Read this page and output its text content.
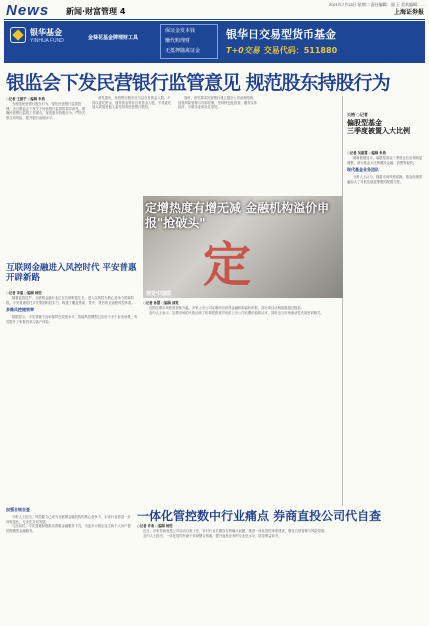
News 新闻·财富管理 4
2021年7月13日 星期二 责任编辑：邵 王 美术编辑：…
上海证券报
银华基金
YINHUA FUND	金葵花基金牌理财工具
保证金发本钱
赚代购理财
无抵押随禽证金
银华日交易型货币基金
T+0交易 交易代码：511880
银监会下发民营银行监管意见 规范股东持股行为
○记者 王振宇 ○编辑 朱浩

为规范民营银行股东行为，强化民营银行监管管理，近日银监会下发关于民营银行监管的指导意见，明确民营银行监管工作重点，规范股东持股行为，严防关联交易风险，提升银行治理水平。

意见提出，民营银行股东应当以自有资金入股，不得以委托资金、债务资金等非自有资金入股，不得委托他人或接受他人委托持有民营银行股权。

同时，意见要求民营银行建立健全公司治理结构，加强风险管理与内部控制，坚持特色化经营，服务实体经济、小微企业和社区居民。

贝格 ○记者
偏股型基金
三季度被置入大比例
○记者 吴嘉慧 ○编辑 朱浩

最新数据显示，偏股型基金三季度仓位出现明显调整，部分基金大比例增持金融、消费等板块。

现代基金业务团队

分析人士认为，随着市场风格切换，基金经理普遍加大了对低估值蓝筹股的配置力度。

互联网金融进入风控时代 平安普惠开辟新路
○记者 李童 ○编辑 杨恺

随着监管趋严，互联网金融行业正在告别野蛮生长，进入以风控为核心竞争力的新阶段。平安普惠依托平安集团科技实力，构建了覆盖贷前、贷中、贷后的全流程风控体系。

多维风控提效率

数据显示，平安普惠不良率保持在较低水平，智能风控模型已应用于多个业务场景，有效提升了审批效率与客户体验。

定
视觉中国图
定增热度有增无减 金融机构溢价申报"抢破头"
○记者 孙慧 ○编辑 邵宽

近期定增市场热度持续升温，多家上市公司定增项目获得金融机构溢价申报，部分项目认购倍数超过数倍。

业内人士表示，定增市场的火热反映了机构投资者对优质上市公司长期价值的认可，同时也与市场流动性充裕密切相关。

一体化管控数中行业痛点 券商直投公司代自查
○记者 许欢 ○编辑 杨恺

近日，多家券商直投公司启动自查工作，针对行业长期存在的痛点问题，推进一体化管控体系建设，强化合规管理与风险控制。

业内人士指出，一体化管控有助于券商整合资源，提升直投业务的专业化水平，防范利益冲突。

加强合规自查

分析人士指出，风控能力已成为互联网金融机构的核心竞争力，未来行业将进一步向规范化、专业化方向发展。

与此同时，平安普惠积极推动普惠金融服务下沉，为更多小微企业主和个人用户提供便捷的金融服务。
